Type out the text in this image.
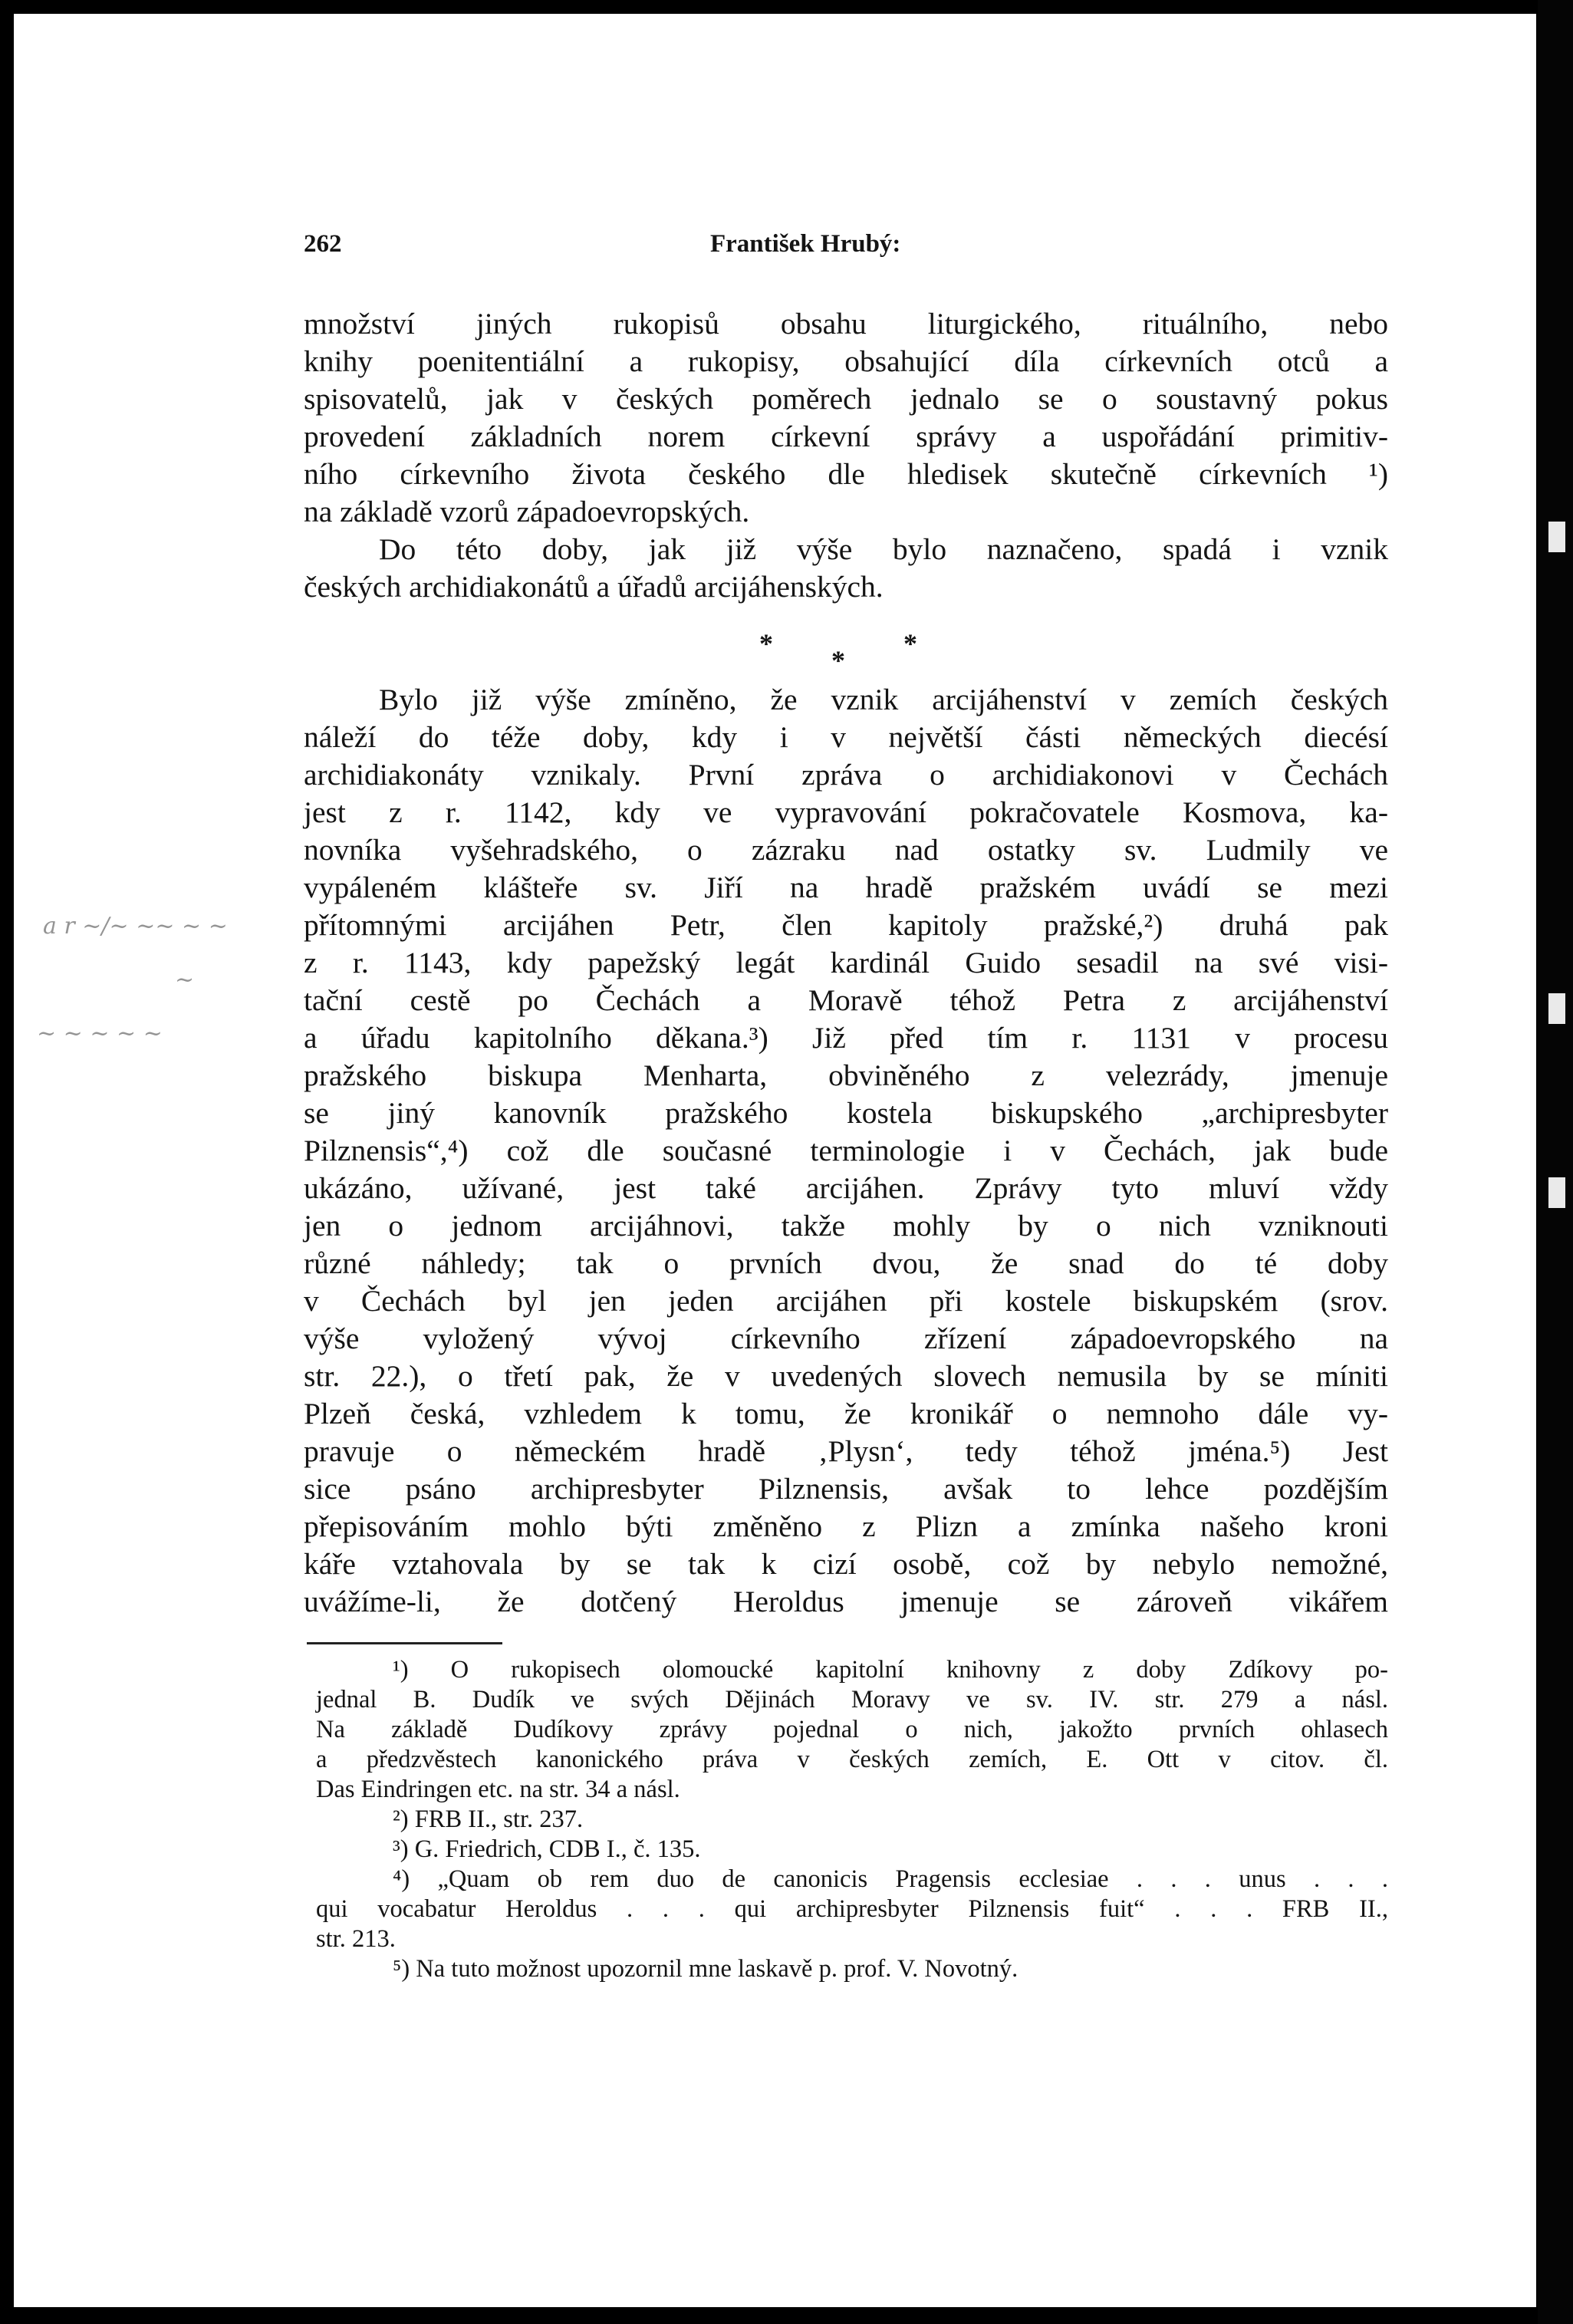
262	František Hrubý:

množství jiných rukopisů obsahu liturgického, rituálního, nebo

knihy poenitentiální a rukopisy, obsahující díla církevních otců a

spisovatelů, jak v českých poměrech jednalo se o soustavný pokus

provedení základních norem církevní správy a uspořádání primitiv-

ního církevního života českého dle hledisek skutečně církevních ¹)

na základě vzorů západoevropských.

Do této doby, jak již výše bylo naznačeno, spadá i vznik

českých archidiakonátů a úřadů arcijáhenských.

Bylo již výše zmíněno, že vznik arcijáhenství v zemích českých

náleží do téže doby, kdy i v největší části německých diecésí

archidiakonáty vznikaly. První zpráva o archidiakonovi v Čechách

jest z r. 1142, kdy ve vypravování pokračovatele Kosmova, ka-

novníka vyšehradského, o zázraku nad ostatky sv. Ludmily ve

vypáleném klášteře sv. Jiří na hradě pražském uvádí se mezi

přítomnými arcijáhen Petr, člen kapitoly pražské,²) druhá pak

z r. 1143, kdy papežský legát kardinál Guido sesadil na své visi-

tační cestě po Čechách a Moravě téhož Petra z arcijáhenství

a úřadu kapitolního děkana.³) Již před tím r. 1131 v procesu

pražského biskupa Menharta, obviněného z velezrády, jmenuje

se jiný kanovník pražského kostela biskupského „archipresbyter

Pilznensis“,⁴) což dle současné terminologie i v Čechách, jak bude

ukázáno, užívané, jest také arcijáhen. Zprávy tyto mluví vždy

jen o jednom arcijáhnovi, takže mohly by o nich vzniknouti

různé náhledy; tak o prvních dvou, že snad do té doby

v Čechách byl jen jeden arcijáhen při kostele biskupském (srov.

výše vyložený vývoj církevního zřízení západoevropského na

str. 22.), o třetí pak, že v uvedených slovech nemusila by se míniti

Plzeň česká, vzhledem k tomu, že kronikář o nemnoho dále vy-

pravuje o německém hradě ‚Plysn‘, tedy téhož jména.⁵) Jest

sice psáno archipresbyter Pilznensis, avšak to lehce pozdějším

přepisováním mohlo býti změněno z Plizn a zmínka našeho kroni

káře vztahovala by se tak k cizí osobě, což by nebylo nemožné,

uvážíme-li, že dotčený Heroldus jmenuje se zároveň vikářem

*
*
*
a r ~/~ ~~ ~ ~
~
~ ~ ~ ~ ~

¹) O rukopisech olomoucké kapitolní knihovny z doby Zdíkovy po-

jednal B. Dudík ve svých Dějinách Moravy ve sv. IV. str. 279 a násl.

Na základě Dudíkovy zprávy pojednal o nich, jakožto prvních ohlasech

a předzvěstech kanonického práva v českých zemích, E. Ott v citov. čl.

Das Eindringen etc. na str. 34 a násl.

²) FRB II., str. 237.

³) G. Friedrich, CDB I., č. 135.

⁴) „Quam ob rem duo de canonicis Pragensis ecclesiae . . . unus . . .

qui vocabatur Heroldus . . . qui archipresbyter Pilznensis fuit“ . . . FRB II.,

str. 213.

⁵) Na tuto možnost upozornil mne laskavě p. prof. V. Novotný.
